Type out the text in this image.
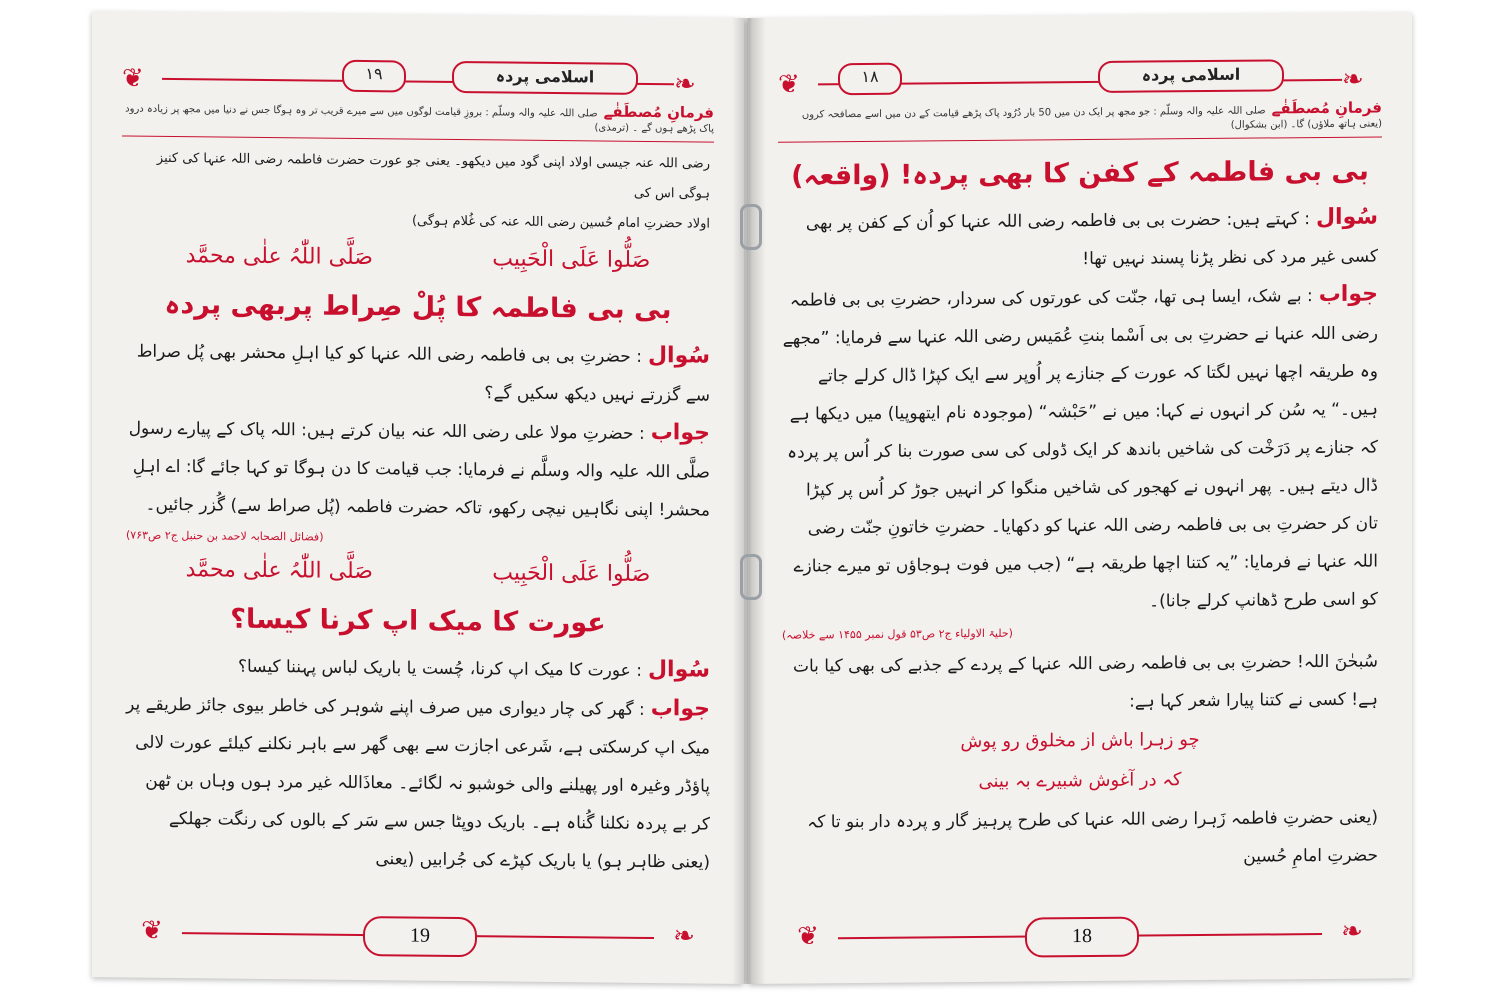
❦	❧
۱۹	اسلامی پردہ
فرمانِ مُصطَفٰےصلی اللہ علیہ والہ وسلّم : بروزِ قیامت لوگوں میں سے میرے قریب تر وہ ہوگا جس نے دنیا میں مجھ پر زیادہ درود پاک پڑھے ہوں گے ۔ (ترمذی)

رضی اللہ عنہ جیسی اولاد اپنی گود میں دیکھو۔ یعنی جو عورت حضرت فاطمہ رضی اللہ عنہا کی کنیز ہوگی اس کی

اولاد حضرتِ امام حُسین رضی اللہ عنہ کی غُلام ہوگی)

صَلُّوا عَلَی الْحَبِیب
صَلَّی اللّٰہُ علٰی محمَّد
بی بی فاطمہ کا پُلْ صِراط پربھی پردہ

سُوال: حضرتِ بی بی فاطمہ رضی اللہ عنہا کو کیا اہلِ محشر بھی پُل صراط سے گزرتے نہیں دیکھ سکیں گے؟

جواب: حضرتِ مولا علی رضی اللہ عنہ بیان کرتے ہیں: اللہ پاک کے پیارے رسول صلَّی اللہ علیہ والہ وسلَّم نے فرمایا: جب قیامت کا دن ہوگا تو کہا جائے گا: اے اہلِ محشر! اپنی نگاہیں نیچی رکھو، تاکہ حضرت فاطمہ (پُل صراط سے) گُزر جائیں۔

(فضائل الصحابہ لاحمد بن حنبل ج۲ ص۷۶۳)
صَلُّوا عَلَی الْحَبِیب
صَلَّی اللّٰہُ علٰی محمَّد
عورت کا میک اپ کرنا کیسا؟

سُوال: عورت کا میک اپ کرنا، چُست یا باریک لباس پہننا کیسا؟

جواب: گھر کی چار دیواری میں صرف اپنے شوہر کی خاطر بیوی جائز طریقے پر میک اپ کرسکتی ہے، شَرعی اجازت سے بھی گھر سے باہر نکلنے کیلئے عورت لالی پاؤڈر وغیرہ اور پھیلنے والی خوشبو نہ لگائے۔ معاذَاللہ غیر مرد ہوں وہاں بن ٹھن کر بے پردہ نکلنا گُناہ ہے۔ باریک دوپٹا جس سے سَر کے بالوں کی رنگت جھلکے (یعنی ظاہر ہو) یا باریک کپڑے کی جُرابیں (یعنی

❦	❧
19
❦	❧
۱۸	اسلامی پردہ
فرمانِ مُصطَفٰےصلی اللہ علیہ والہ وسلّم : جو مجھ پر ایک دن میں 50 بار دُرُود پاک پڑھے قیامت کے دن میں اسے مصافحہ کروں (یعنی ہاتھ ملاؤں) گا۔ (ابن بشکوال)
بی بی فاطمہ کے کفن کا بھی پردہ! (واقعہ)

سُوال: کہتے ہیں: حضرت بی بی فاطمہ رضی اللہ عنہا کو اُن کے کفن پر بھی کسی غیر مرد کی نظر پڑنا پسند نہیں تھا!

جواب: بے شک، ایسا ہی تھا، جنّت کی عورتوں کی سردار، حضرتِ بی بی فاطمہ رضی اللہ عنہا نے حضرتِ بی بی اَسْما بنتِ عُمَیس رضی اللہ عنہا سے فرمایا: ”مجھے وہ طریقہ اچھا نہیں لگتا کہ عورت کے جنازے پر اُوپر سے ایک کپڑا ڈال کرلے جاتے ہیں۔“ یہ سُن کر انہوں نے کہا: میں نے ”حَبْشہ“ (موجودہ نام ایتھوپیا) میں دیکھا ہے کہ جنازے پر دَرَخْت کی شاخیں باندھ کر ایک ڈولی کی سی صورت بنا کر اُس پر پردہ ڈال دیتے ہیں۔ پھر انہوں نے کھجور کی شاخیں منگوا کر انہیں جوڑ کر اُس پر کپڑا تان کر حضرتِ بی بی فاطمہ رضی اللہ عنہا کو دکھایا۔ حضرتِ خاتونِ جنّت رضی اللہ عنہا نے فرمایا: ”یہ کتنا اچھا طریقہ ہے“ (جب میں فوت ہوجاؤں تو میرے جنازے کو اسی طرح ڈھانپ کرلے جانا)۔

(حلیۃ الاولیاء ج۲ ص۵۳ قول نمبر ۱۴۵۵ سے خلاصہ)

سُبحٰنَ اللہ! حضرتِ بی بی فاطمہ رضی اللہ عنہا کے پردے کے جذبے کی بھی کیا بات ہے! کسی نے کتنا پیارا شعر کہا ہے:

چو زہرا باش از مخلوق رو پوش
کہ در آغوش شبیرے بہ بینی

(یعنی حضرتِ فاطمہ زَہرا رضی اللہ عنہا کی طرح پرہیز گار و پردہ دار بنو تا کہ حضرتِ امامِ حُسین

❦	❧
18
